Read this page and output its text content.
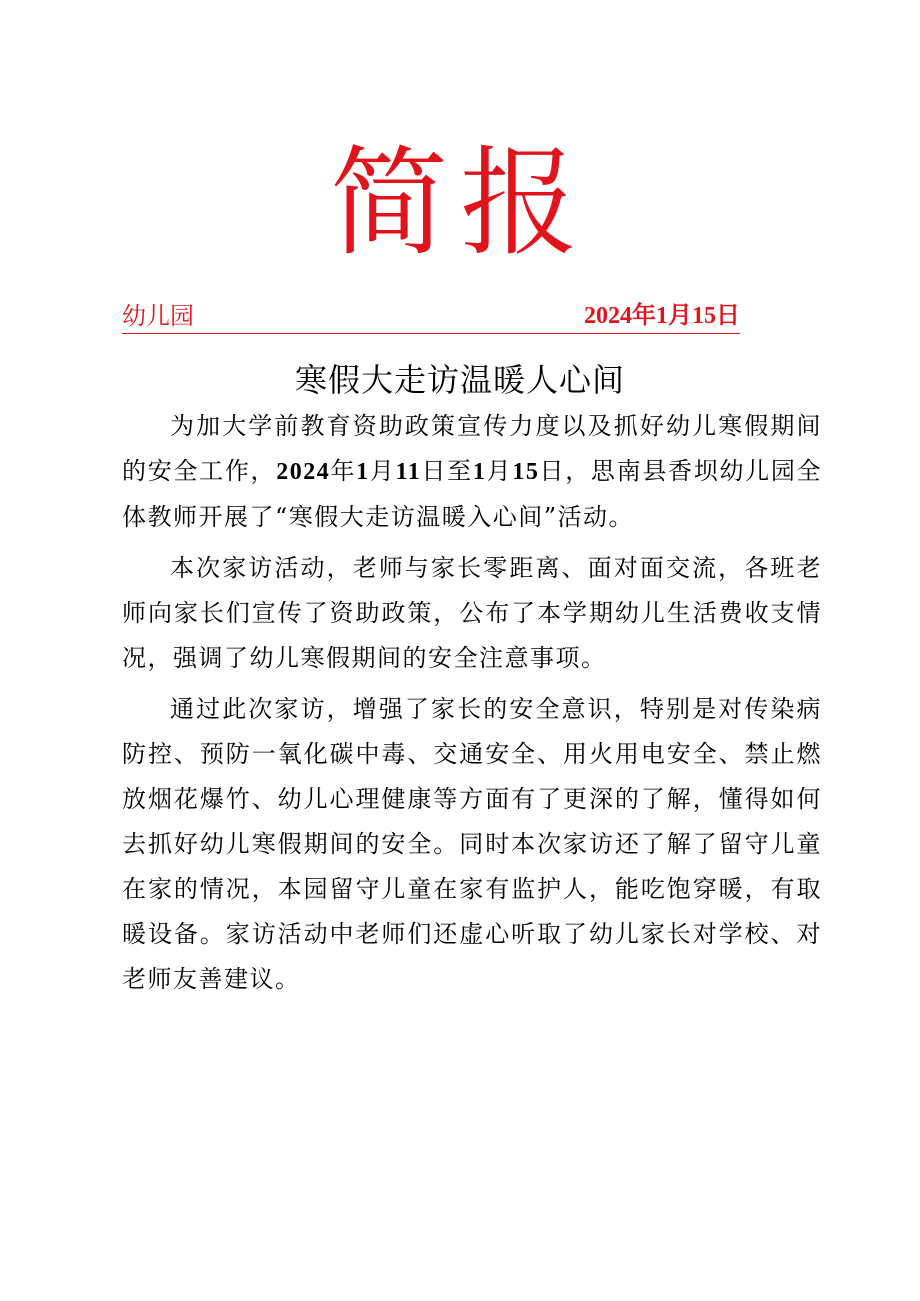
简报
幼儿园	2024年1月15日
寒假大走访温暖人心间

为加大学前教育资助政策宣传力度以及抓好幼儿寒假期间的安全工作，2024年1月11日至1月15日，思南县香坝幼儿园全体教师开展了“寒假大走访温暖入心间”活动。

本次家访活动，老师与家长零距离、面对面交流，各班老师向家长们宣传了资助政策，公布了本学期幼儿生活费收支情况，强调了幼儿寒假期间的安全注意事项。

通过此次家访，增强了家长的安全意识，特别是对传染病防控、预防一氧化碳中毒、交通安全、用火用电安全、禁止燃放烟花爆竹、幼儿心理健康等方面有了更深的了解，懂得如何去抓好幼儿寒假期间的安全。同时本次家访还了解了留守儿童在家的情况，本园留守儿童在家有监护人，能吃饱穿暖，有取暖设备。家访活动中老师们还虚心听取了幼儿家长对学校、对老师友善建议。
